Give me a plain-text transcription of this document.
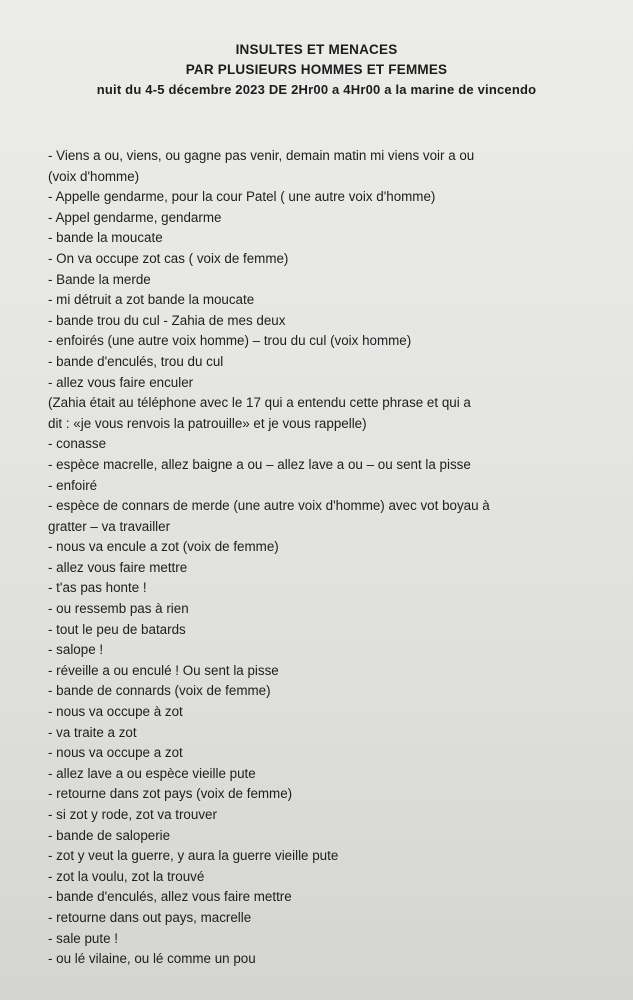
INSULTES ET MENACES
PAR PLUSIEURS HOMMES ET FEMMES
nuit du 4-5 décembre 2023 DE 2Hr00 a 4Hr00 a la marine de vincendo
- Viens a ou, viens, ou gagne pas venir, demain matin mi viens voir a ou
(voix d'homme)
- Appelle gendarme, pour la cour Patel ( une autre voix d'homme)
- Appel gendarme, gendarme
- bande la moucate
- On va occupe zot cas ( voix de femme)
- Bande la merde
- mi détruit a zot bande la moucate
- bande trou du cul - Zahia de mes deux
- enfoirés (une autre voix homme) – trou du cul (voix homme)
- bande d'enculés, trou du cul
- allez vous faire enculer
(Zahia était au téléphone avec le 17 qui a entendu cette phrase et qui a
dit : «je vous renvois la patrouille» et je vous rappelle)
- conasse
- espèce macrelle, allez baigne a ou – allez lave a ou – ou sent la pisse
- enfoiré
- espèce de connars de merde (une autre voix d'homme) avec vot boyau à
gratter – va travailler
- nous va encule a zot (voix de femme)
- allez vous faire mettre
- t'as pas honte !
- ou ressemb pas à rien
- tout le peu de batards
- salope !
- réveille a ou enculé ! Ou sent la pisse
- bande de connards (voix de femme)
- nous va occupe à zot
- va traite a zot
- nous va occupe a zot
- allez lave a ou espèce vieille pute
- retourne dans zot pays (voix de femme)
- si zot y rode, zot va trouver
- bande de saloperie
- zot y veut la guerre, y aura la guerre vieille pute
- zot la voulu, zot la trouvé
- bande d'enculés, allez vous faire mettre
- retourne dans out pays, macrelle
- sale pute !
- ou lé vilaine, ou lé comme un pou
